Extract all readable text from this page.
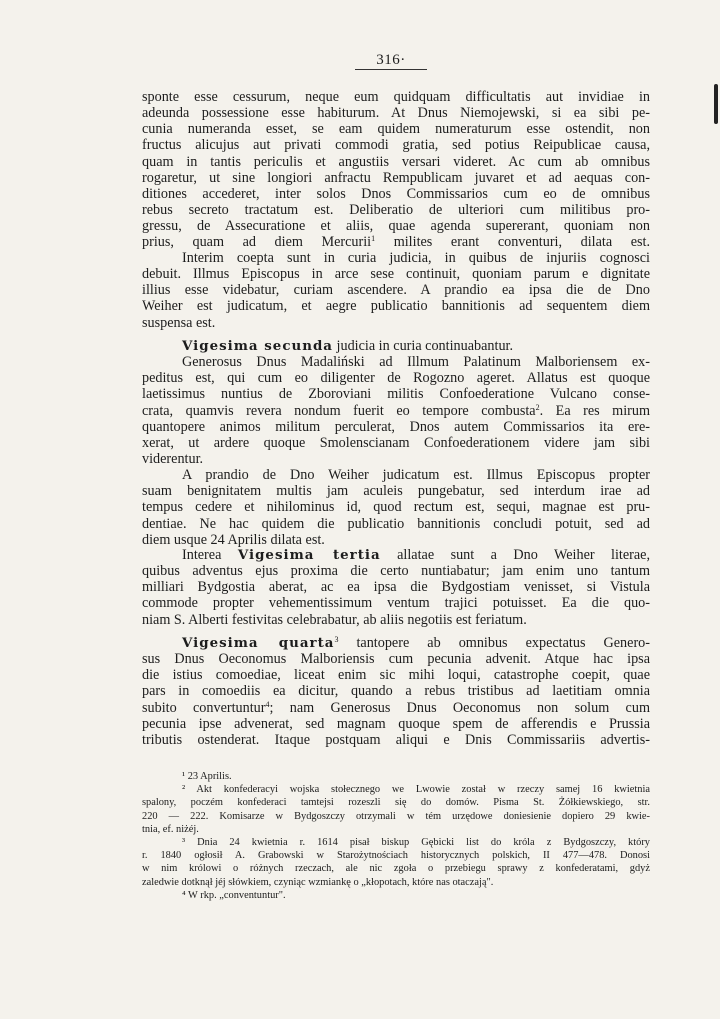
316·
sponte esse cessurum, neque eum quidquam difficultatis aut invidiae in
adeunda possessione esse habiturum. At Dnus Niemojewski, si ea sibi pe-
cunia numeranda esset, se eam quidem numeraturum esse ostendit, non
fructus alicujus aut privati commodi gratia, sed potius Reipublicae causa,
quam in tantis periculis et angustiis versari videret. Ac cum ab omnibus
rogaretur, ut sine longiori anfractu Rempublicam juvaret et ad aequas con-
ditiones accederet, inter solos Dnos Commissarios cum eo de omnibus
rebus secreto tractatum est. Deliberatio de ulteriori cum militibus pro-
gressu, de Assecuratione et aliis, quae agenda supererant, quoniam non
prius, quam ad diem Mercurii$^1$ milites erant conventuri, dilata est.
Interim coepta sunt in curia judicia, in quibus de injuriis cognosci
debuit. Illmus Episcopus in arce sese continuit, quoniam parum e dignitate
illius esse videbatur, curiam ascendere. A prandio ea ipsa die de Dno
Weiher est judicatum, et aegre publicatio bannitionis ad sequentem diem
suspensa est.
Vigesima secunda judicia in curia continuabantur.
Generosus Dnus Madaliński ad Illmum Palatinum Malboriensem ex-
peditus est, qui cum eo diligenter de Rogozno ageret. Allatus est quoque
laetissimus nuntius de Zboroviani militis Confoederatione Vulcano conse-
crata, quamvis revera nondum fuerit eo tempore combusta$^2$. Ea res mirum
quantopere animos militum perculerat, Dnos autem Commissarios ita ere-
xerat, ut ardere quoque Smolenscianam Confoederationem videre jam sibi
viderentur.
A prandio de Dno Weiher judicatum est. Illmus Episcopus propter
suam benignitatem multis jam aculeis pungebatur, sed interdum irae ad
tempus cedere et nihilominus id, quod rectum est, sequi, magnae est pru-
dentiae. Ne hac quidem die publicatio bannitionis concludi potuit, sed ad
diem usque 24 Aprilis dilata est.
Interea Vigesima tertia allatae sunt a Dno Weiher literae,
quibus adventus ejus proxima die certo nuntiabatur; jam enim uno tantum
milliari Bydgostia aberat, ac ea ipsa die Bydgostiam venisset, si Vistula
commode propter vehementissimum ventum trajici potuisset. Ea die quo-
niam S. Alberti festivitas celebrabatur, ab aliis negotiis est feriatum.
Vigesima quarta$^3$ tantopere ab omnibus expectatus Genero-
sus Dnus Oeconomus Malboriensis cum pecunia advenit. Atque hac ipsa
die istius comoediae, liceat enim sic mihi loqui, catastrophe coepit, quae
pars in comoediis ea dicitur, quando a rebus tristibus ad laetitiam omnia
subito convertuntur$^4$; nam Generosus Dnus Oeconomus non solum cum
pecunia ipse advenerat, sed magnam quoque spem de afferendis e Prussia
tributis ostenderat. Itaque postquam aliqui e Dnis Commissariis advertis-
¹ 23 Aprilis.
² Akt konfederacyi wojska stołecznego we Lwowie został w rzeczy samej 16 kwietnia
spalony, poczém konfederaci tamtejsi rozeszli się do domów. Pisma St. Żółkiewskiego, str.
220 — 222. Komisarze w Bydgoszczy otrzymali w tém urzędowe doniesienie dopiero 29 kwie-
tnia, ef. niżéj.
³ Dnia 24 kwietnia r. 1614 pisał biskup Gębicki list do króla z Bydgoszczy, który
r. 1840 ogłosił A. Grabowski w Starożytnościach historycznych polskich, II 477—478. Donosi
w nim królowi o różnych rzeczach, ale nic zgoła o przebiegu sprawy z konfederatami, gdyż
zaledwie dotknął jéj słówkiem, czyniąc wzmiankę o „kłopotach, które nas otaczają".
⁴ W rkp. „conventuntur".
